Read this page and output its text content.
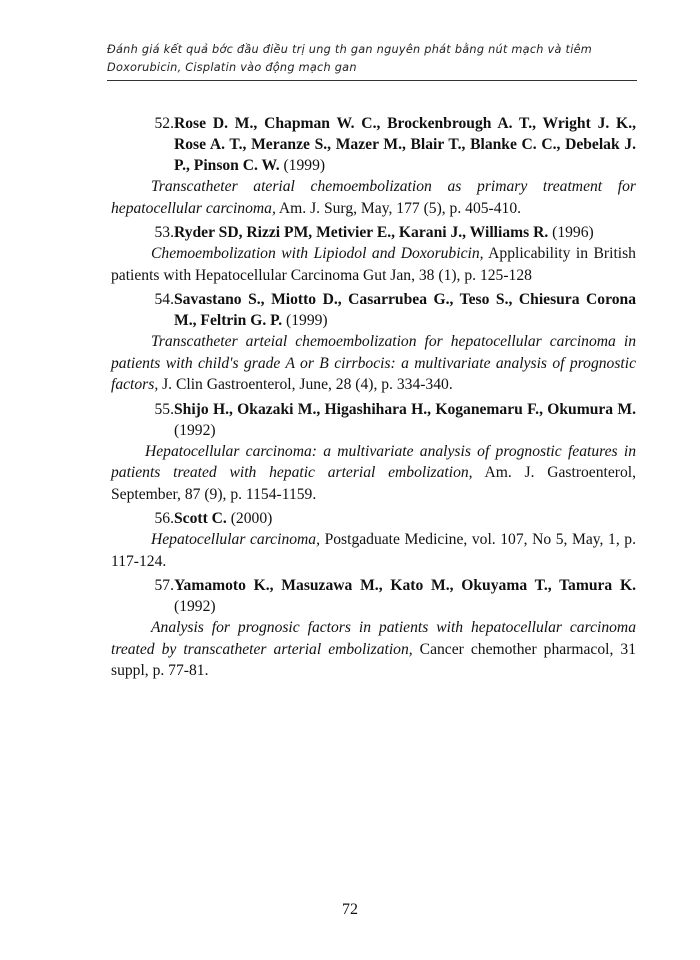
Đánh giá kết quả bớc đầu điều trị ung th gan nguyên phát bằng nút mạch và tiêm
Doxorubicin, Cisplatin vào động mạch gan
52. Rose D. M., Chapman W. C., Brockenbrough A. T., Wright J. K., Rose A. T., Meranze S., Mazer M., Blair T., Blanke C. C., Debelak J. P., Pinson C. W. (1999)
Transcatheter aterial chemoembolization as primary treatment for hepatocellular carcinoma, Am. J. Surg, May, 177 (5), p. 405-410.
53. Ryder SD, Rizzi PM, Metivier E., Karani J., Williams R. (1996)
Chemoembolization with Lipiodol and Doxorubicin, Applicability in British patients with Hepatocellular Carcinoma Gut Jan, 38 (1), p. 125-128
54. Savastano S., Miotto D., Casarrubea G., Teso S., Chiesura Corona M., Feltrin G. P. (1999)
Transcatheter arteial chemoembolization for hepatocellular carcinoma in patients with child's grade A or B cirrbocis: a multivariate analysis of prognostic factors, J. Clin Gastroenterol, June, 28 (4), p. 334-340.
55. Shijo H., Okazaki M., Higashihara H., Koganemaru F., Okumura M. (1992)
Hepatocellular carcinoma: a multivariate analysis of prognostic features in patients treated with hepatic arterial embolization, Am. J. Gastroenterol, September, 87 (9), p. 1154-1159.
56. Scott C. (2000)
Hepatocellular carcinoma, Postgaduate Medicine, vol. 107, No 5, May, 1, p. 117-124.
57. Yamamoto K., Masuzawa M., Kato M., Okuyama T., Tamura K. (1992)
Analysis for prognosic factors in patients with hepatocellular carcinoma treated by transcatheter arterial embolization, Cancer chemother pharmacol, 31 suppl, p. 77-81.
72
